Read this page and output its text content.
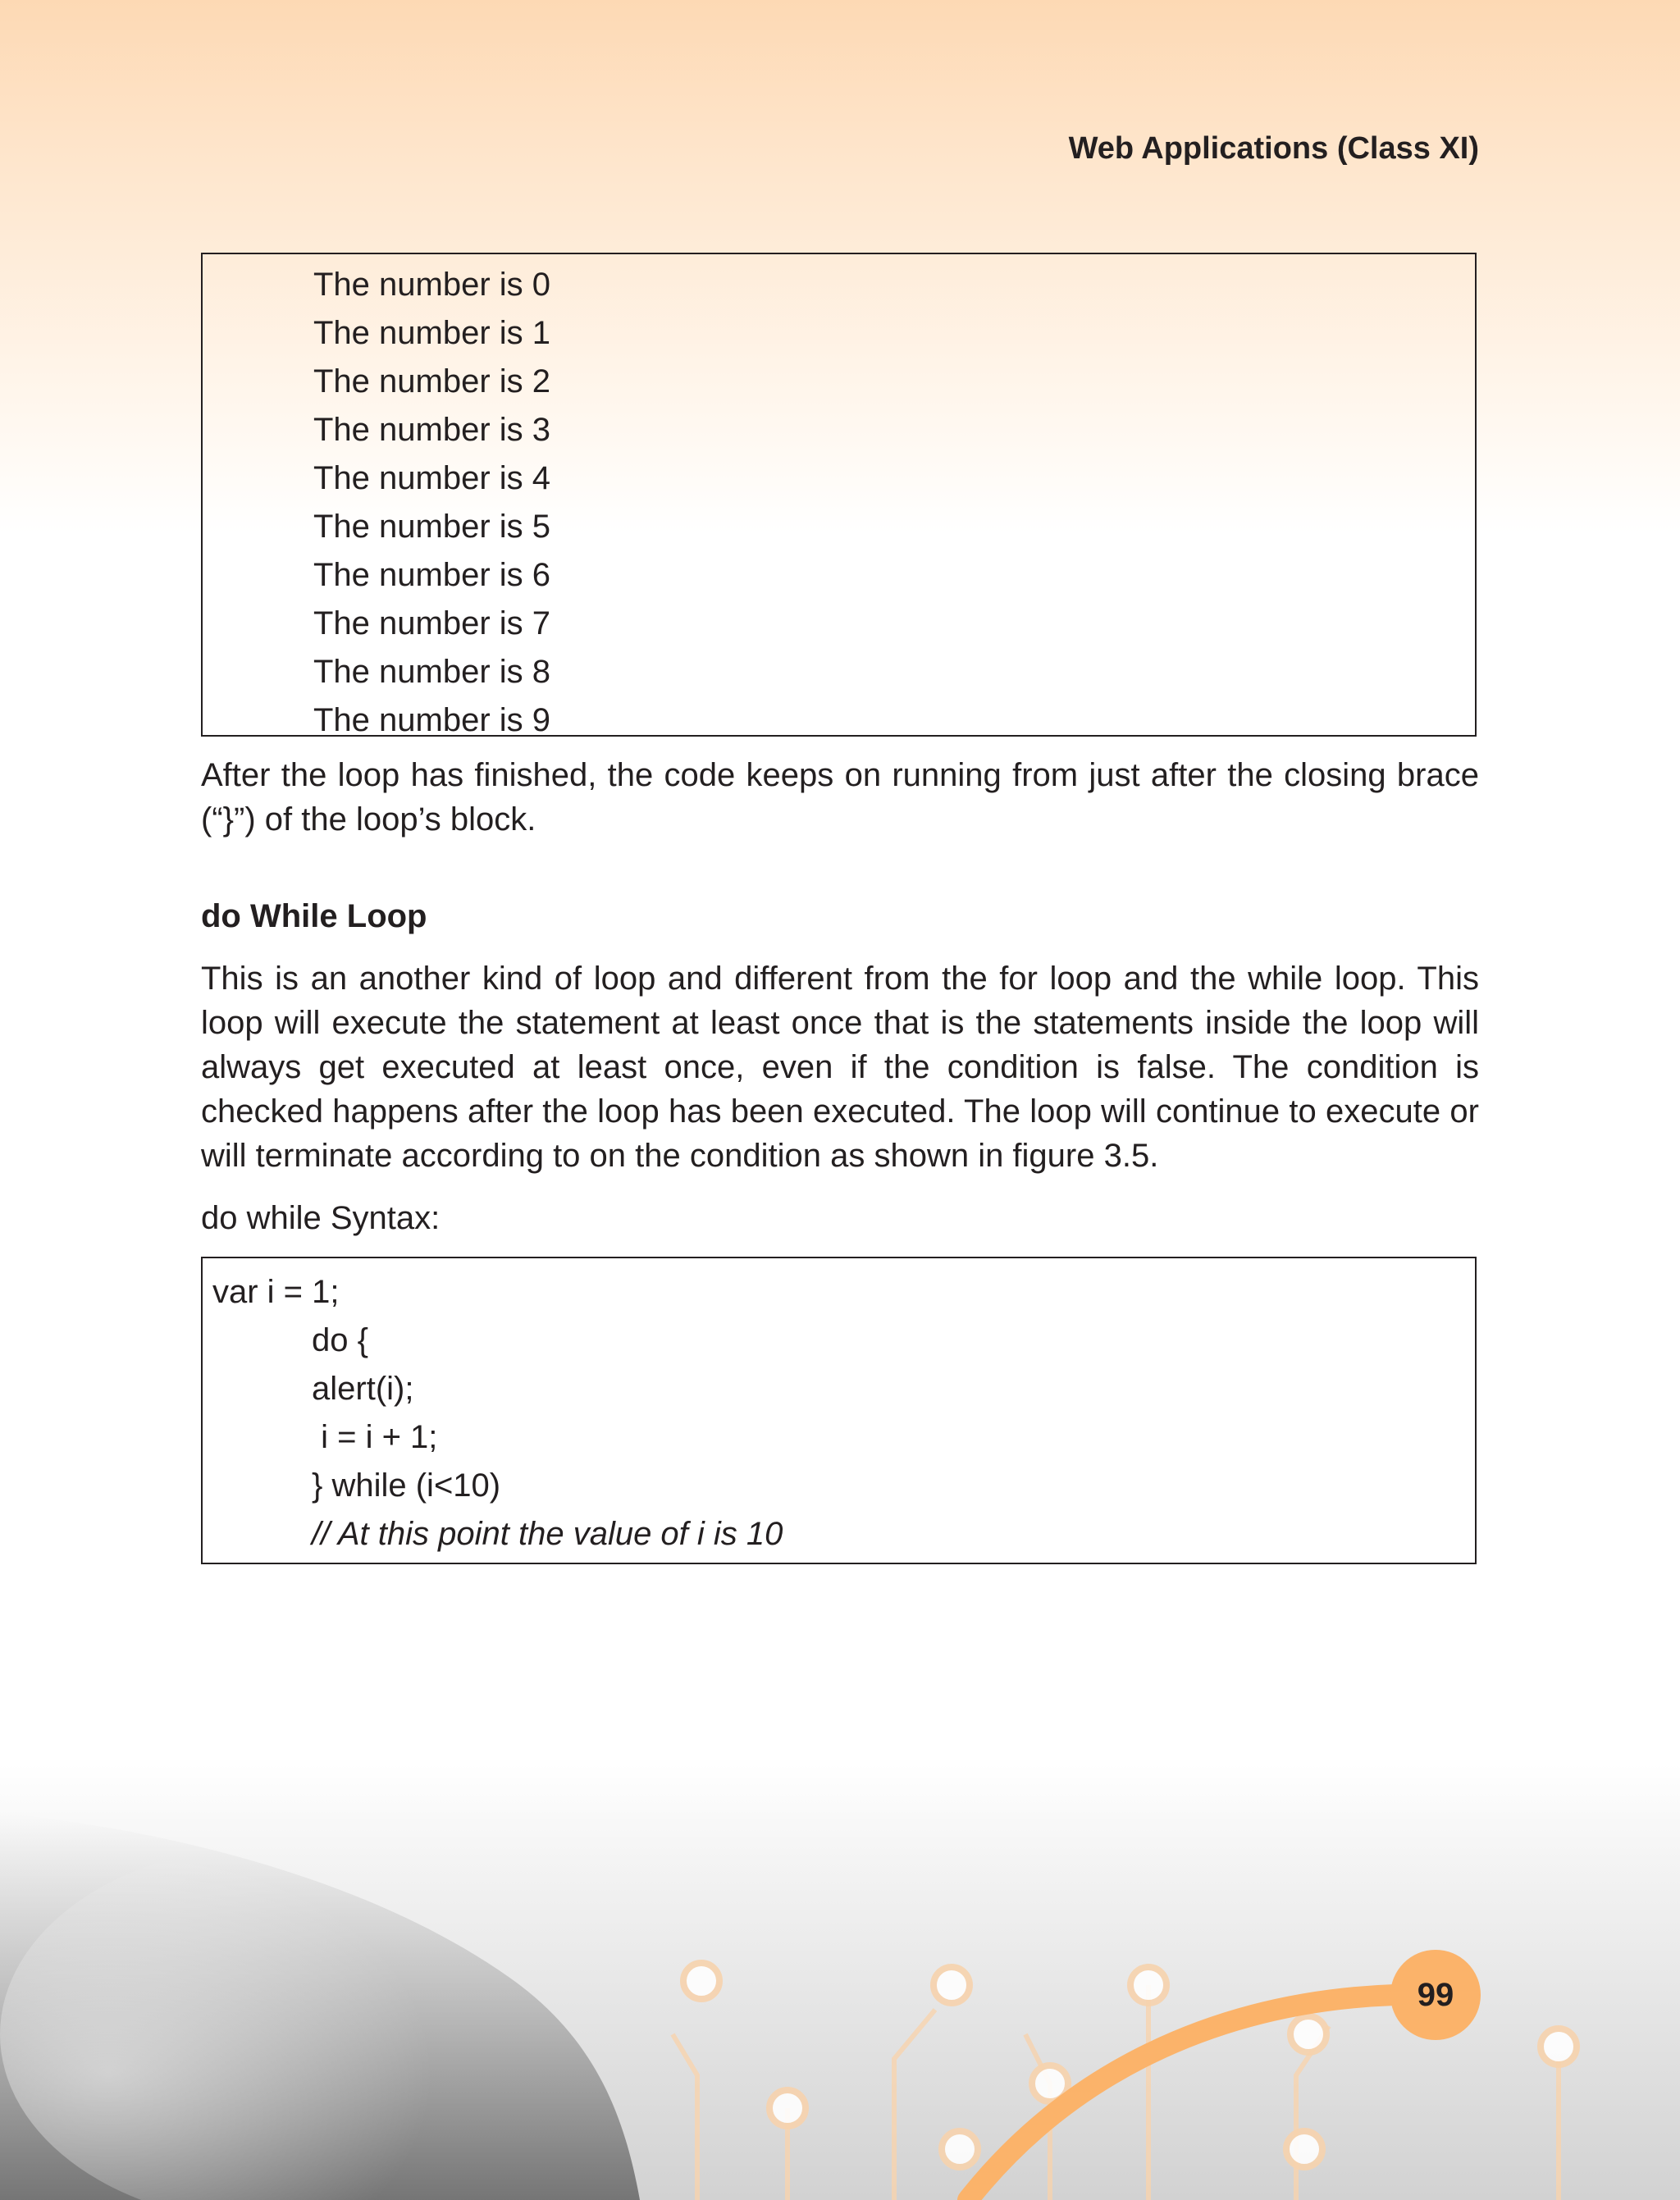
Web Applications (Class XI)
The number is 0
The number is 1
The number is 2
The number is 3
The number is 4
The number is 5
The number is 6
The number is 7
The number is 8
The number is 9
After the loop has finished, the code keeps on running from just after the closing brace (“}”) of the loop’s block.
do While Loop
This is an another kind of loop and different from the for loop and the while loop. This loop will execute the statement at least once that is the statements inside the loop will always get executed at least once, even if the condition is false. The condition is checked happens after the loop has been executed. The loop will continue to execute or will terminate according to on the condition as shown in figure 3.5.
do while Syntax:
var i = 1;
do {
alert(i);
i = i + 1;
} while (i<10)
// At this point the value of i is 10
99
